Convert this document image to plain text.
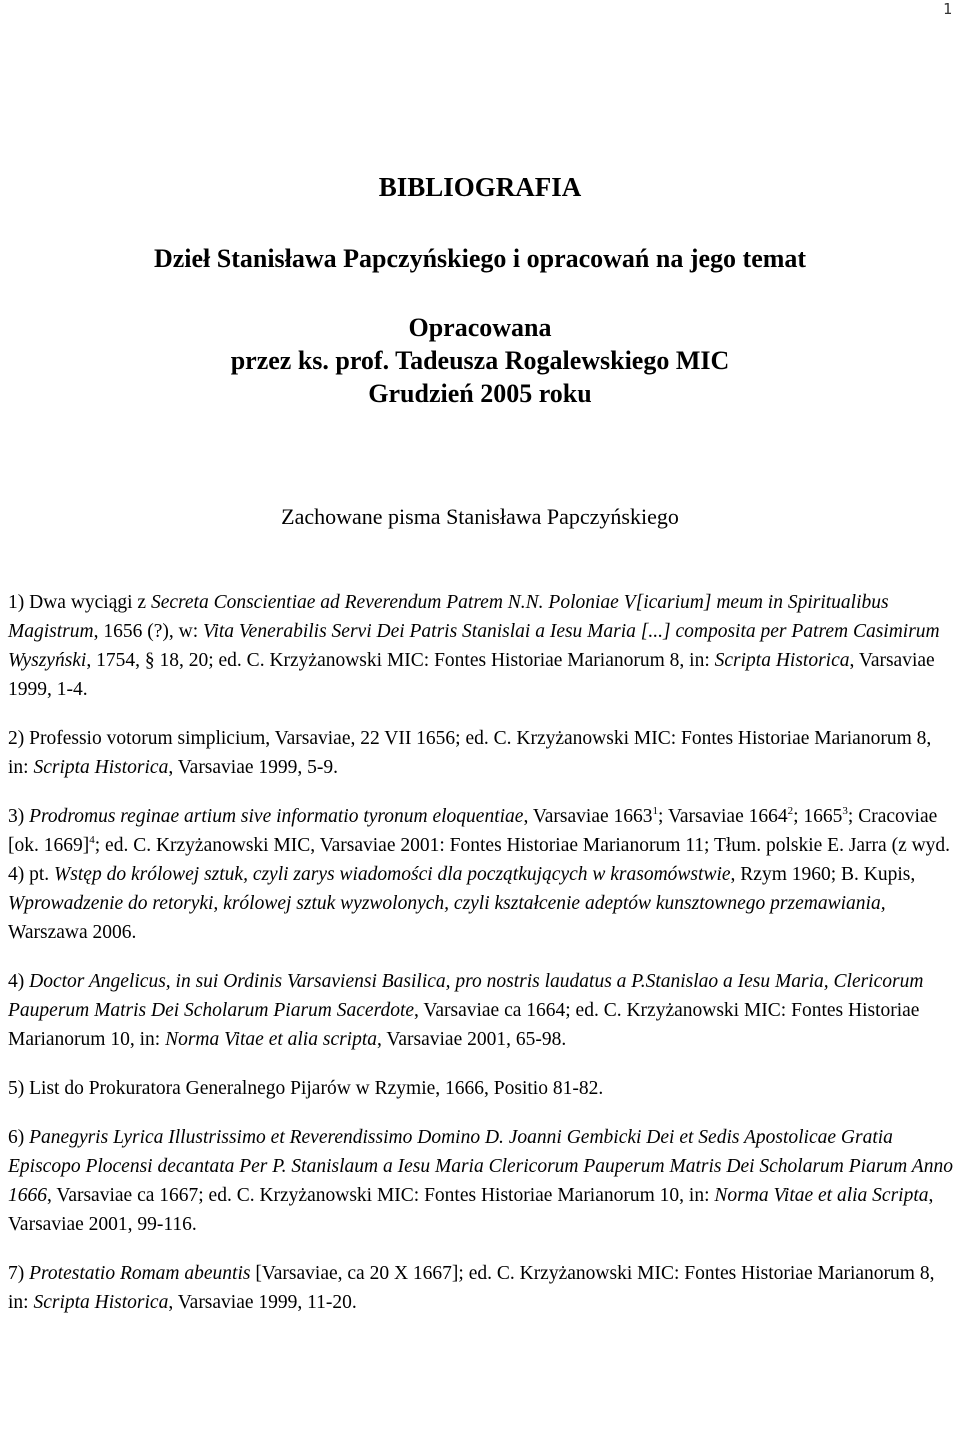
1
BIBLIOGRAFIA
Dzieł Stanisława Papczyńskiego i opracowań na jego temat
Opracowana
przez ks. prof. Tadeusza Rogalewskiego MIC
Grudzień 2005 roku
Zachowane pisma Stanisława Papczyńskiego
1) Dwa wyciągi z Secreta Conscientiae ad Reverendum Patrem N.N. Poloniae V[icarium] meum in Spiritualibus Magistrum, 1656 (?), w: Vita Venerabilis Servi Dei Patris Stanislai a Iesu Maria [...] composita per Patrem Casimirum Wyszyński, 1754, § 18, 20; ed. C. Krzyżanowski MIC: Fontes Historiae Marianorum 8, in: Scripta Historica, Varsaviae 1999, 1-4.
2) Professio votorum simplicium, Varsaviae, 22 VII 1656; ed. C. Krzyżanowski MIC: Fontes Historiae Marianorum 8, in: Scripta Historica, Varsaviae 1999, 5-9.
3) Prodromus reginae artium sive informatio tyronum eloquentiae, Varsaviae 1663$^1$; Varsaviae 1664$^2$; 1665$^3$; Cracoviae [ok. 1669]$^4$; ed. C. Krzyżanowski MIC, Varsaviae 2001: Fontes Historiae Marianorum 11; Tłum. polskie E. Jarra (z wyd. 4) pt. Wstęp do królowej sztuk, czyli zarys wiadomości dla początkujących w krasomówstwie, Rzym 1960; B. Kupis, Wprowadzenie do retoryki, królowej sztuk wyzwolonych, czyli kształcenie adeptów kunsztownego przemawiania, Warszawa 2006.
4) Doctor Angelicus, in sui Ordinis Varsaviensi Basilica, pro nostris laudatus a P.Stanislao a Iesu Maria, Clericorum Pauperum Matris Dei Scholarum Piarum Sacerdote, Varsaviae ca 1664; ed. C. Krzyżanowski MIC: Fontes Historiae Marianorum 10, in: Norma Vitae et alia scripta, Varsaviae 2001, 65-98.
5) List do Prokuratora Generalnego Pijarów w Rzymie, 1666, Positio 81-82.
6) Panegyris Lyrica Illustrissimo et Reverendissimo Domino D. Joanni Gembicki Dei et Sedis Apostolicae Gratia Episcopo Plocensi decantata Per P. Stanislaum a Iesu Maria Clericorum Pauperum Matris Dei Scholarum Piarum Anno 1666, Varsaviae ca 1667; ed. C. Krzyżanowski MIC: Fontes Historiae Marianorum 10, in: Norma Vitae et alia Scripta, Varsaviae 2001, 99-116.
7) Protestatio Romam abeuntis [Varsaviae, ca 20 X 1667]; ed. C. Krzyżanowski MIC: Fontes Historiae Marianorum 8, in: Scripta Historica, Varsaviae 1999, 11-20.
